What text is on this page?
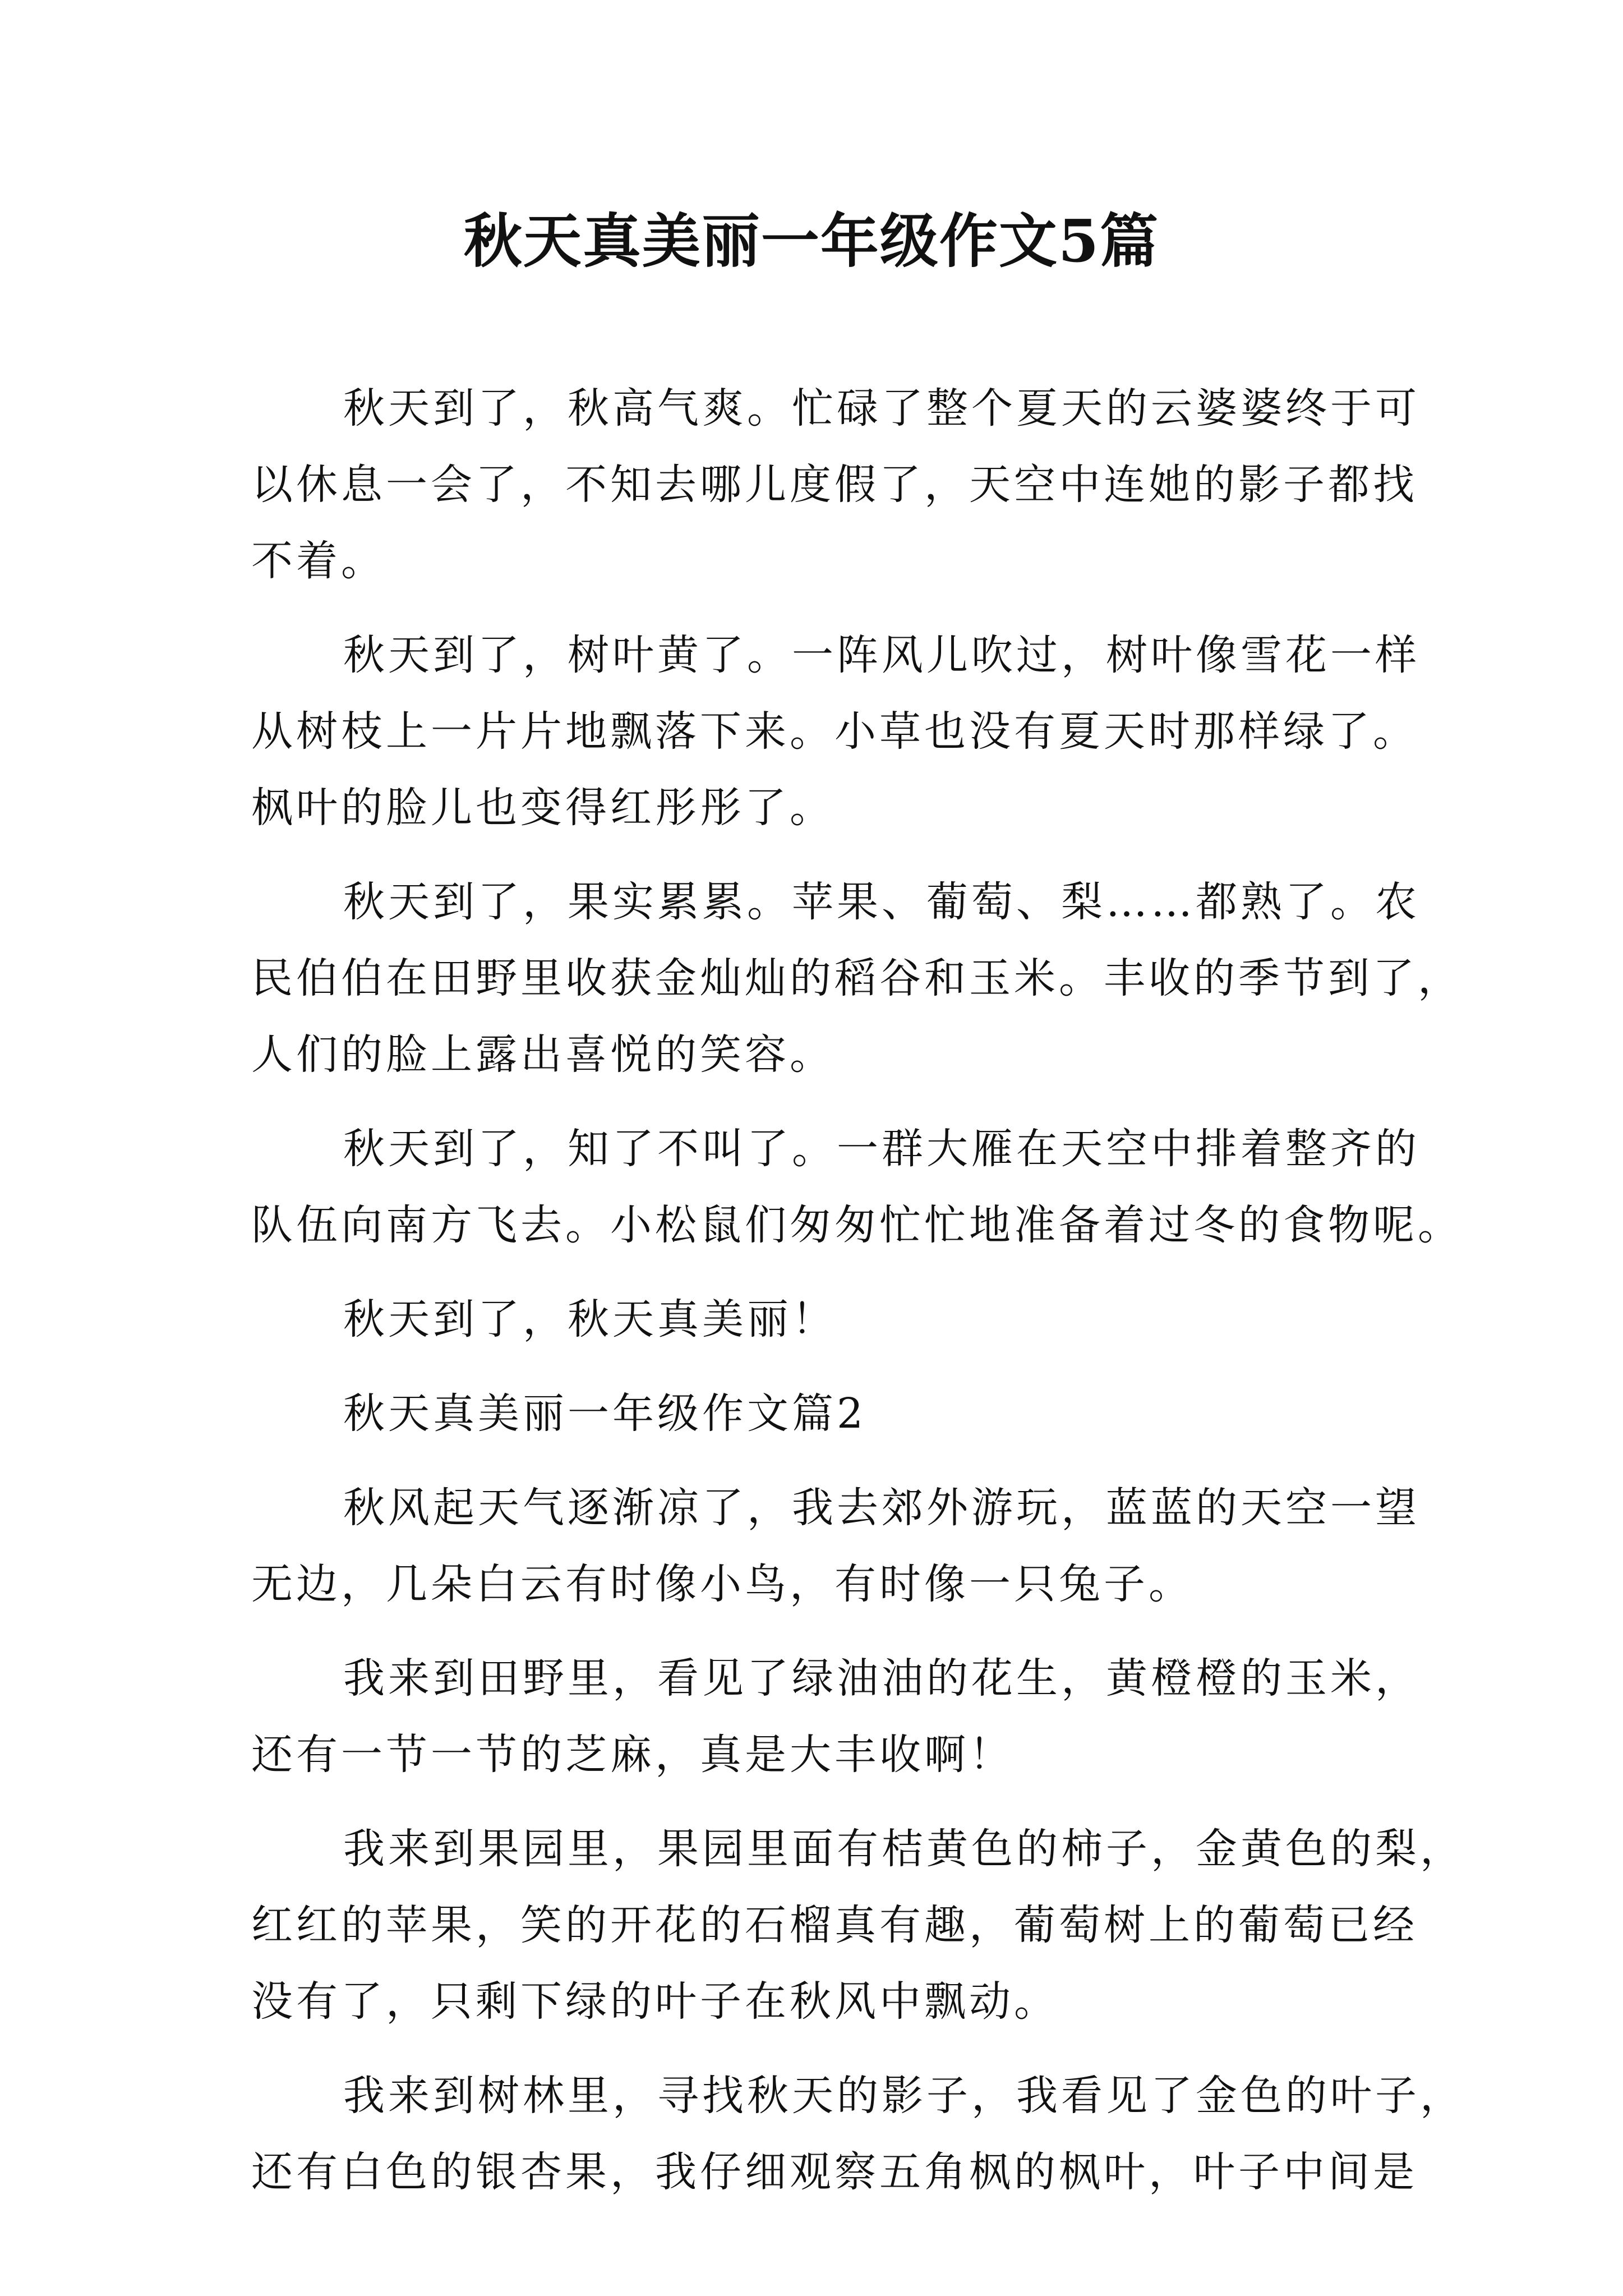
秋天真美丽一年级作文5篇

秋天到了，秋高气爽。忙碌了整个夏天的云婆婆终于可
以休息一会了，不知去哪儿度假了，天空中连她的影子都找
不着。

秋天到了，树叶黄了。一阵风儿吹过，树叶像雪花一样
从树枝上一片片地飘落下来。小草也没有夏天时那样绿了。
枫叶的脸儿也变得红彤彤了。

秋天到了，果实累累。苹果、葡萄、梨……都熟了。农
民伯伯在田野里收获金灿灿的稻谷和玉米。丰收的季节到了，
人们的脸上露出喜悦的笑容。

秋天到了，知了不叫了。一群大雁在天空中排着整齐的
队伍向南方飞去。小松鼠们匆匆忙忙地准备着过冬的食物呢。

秋天到了，秋天真美丽！

秋天真美丽一年级作文篇2

秋风起天气逐渐凉了，我去郊外游玩，蓝蓝的天空一望
无边，几朵白云有时像小鸟，有时像一只兔子。

我来到田野里，看见了绿油油的花生，黄橙橙的玉米，
还有一节一节的芝麻，真是大丰收啊！

我来到果园里，果园里面有桔黄色的柿子，金黄色的梨，
红红的苹果，笑的开花的石榴真有趣，葡萄树上的葡萄已经
没有了，只剩下绿的叶子在秋风中飘动。

我来到树林里，寻找秋天的影子，我看见了金色的叶子，
还有白色的银杏果，我仔细观察五角枫的枫叶，叶子中间是
